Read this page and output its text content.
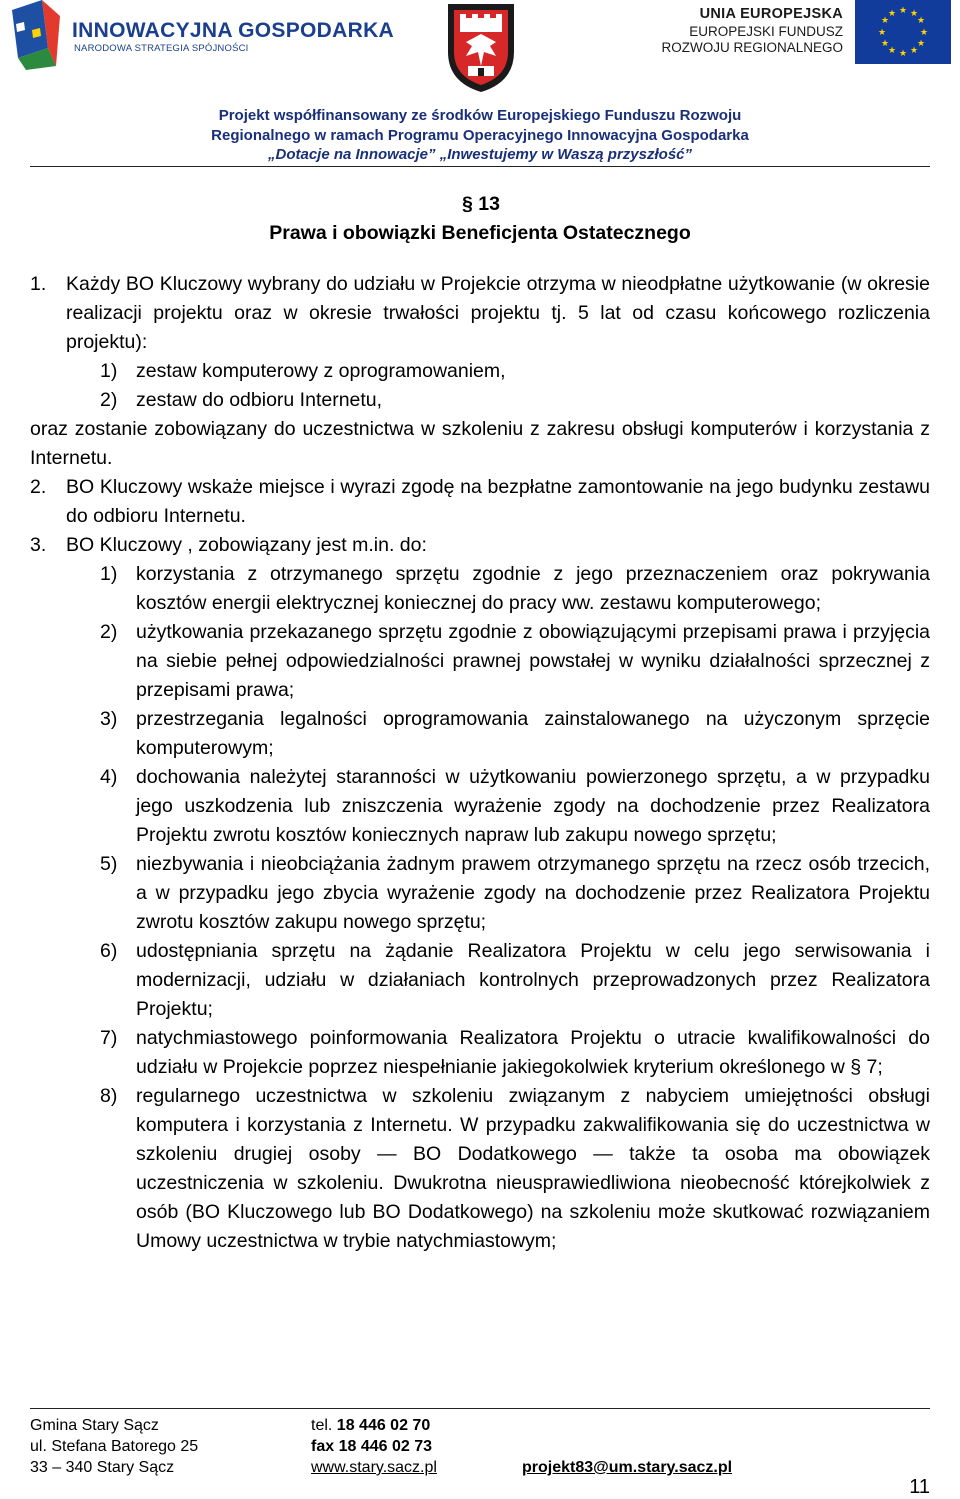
INNOWACYJNA GOSPODARKA
NARODOWA STRATEGIA SPÓJNOŚCI
UNIA EUROPEJSKA
EUROPEJSKI FUNDUSZ
ROZWOJU REGIONALNEGO
★ ★
★
★
★
★
★
★
★
★
★
★
Projekt współfinansowany ze środków Europejskiego Funduszu Rozwoju
Regionalnego w ramach Programu Operacyjnego Innowacyjna Gospodarka
„Dotacje na Innowacje” „Inwestujemy w Waszą przyszłość”
§ 13
Prawa i obowiązki Beneficjenta Ostatecznego
1. Każdy BO Kluczowy wybrany do udziału w Projekcie otrzyma w nieodpłatne użytkowanie (w okresie realizacji projektu oraz w okresie trwałości projektu tj. 5 lat od czasu końcowego rozliczenia projektu):
1) zestaw komputerowy z oprogramowaniem,
2) zestaw do odbioru Internetu,
oraz zostanie zobowiązany do uczestnictwa w szkoleniu z zakresu obsługi komputerów i korzystania z Internetu.
2. BO Kluczowy wskaże miejsce i wyrazi zgodę na bezpłatne zamontowanie na jego budynku zestawu do odbioru Internetu.
3. BO Kluczowy , zobowiązany jest m.in. do:
1) korzystania z otrzymanego sprzętu zgodnie z jego przeznaczeniem oraz pokrywania kosztów energii elektrycznej koniecznej do pracy ww. zestawu komputerowego;
2) użytkowania przekazanego sprzętu zgodnie z obowiązującymi przepisami prawa i przyjęcia na siebie pełnej odpowiedzialności prawnej powstałej w wyniku działalności sprzecznej z przepisami prawa;
3) przestrzegania legalności oprogramowania zainstalowanego na użyczonym sprzęcie komputerowym;
4) dochowania należytej staranności w użytkowaniu powierzonego sprzętu, a w przypadku jego uszkodzenia lub zniszczenia wyrażenie zgody na dochodzenie przez Realizatora Projektu zwrotu kosztów koniecznych napraw lub zakupu nowego sprzętu;
5) niezbywania i nieobciążania żadnym prawem otrzymanego sprzętu na rzecz osób trzecich, a w przypadku jego zbycia wyrażenie zgody na dochodzenie przez Realizatora Projektu zwrotu kosztów zakupu nowego sprzętu;
6) udostępniania sprzętu na żądanie Realizatora Projektu w celu jego serwisowania i modernizacji, udziału w działaniach kontrolnych przeprowadzonych przez Realizatora Projektu;
7) natychmiastowego poinformowania Realizatora Projektu o utracie kwalifikowalności do udziału w Projekcie poprzez niespełnianie jakiegokolwiek kryterium określonego w § 7;
8) regularnego uczestnictwa w szkoleniu związanym z nabyciem umiejętności obsługi komputera i korzystania z Internetu. W przypadku zakwalifikowania się do uczestnictwa w szkoleniu drugiej osoby — BO Dodatkowego — także ta osoba ma obowiązek uczestniczenia w szkoleniu. Dwukrotna nieusprawiedliwiona nieobecność którejkolwiek z osób (BO Kluczowego lub BO Dodatkowego) na szkoleniu może skutkować rozwiązaniem Umowy uczestnictwa w trybie natychmiastowym;
Gmina Stary Sącz
ul. Stefana Batorego 25
33 – 340 Stary Sącz
tel. 18 446 02 70
fax 18 446 02 73
www.stary.sacz.pl	projekt83@um.stary.sacz.pl
11
